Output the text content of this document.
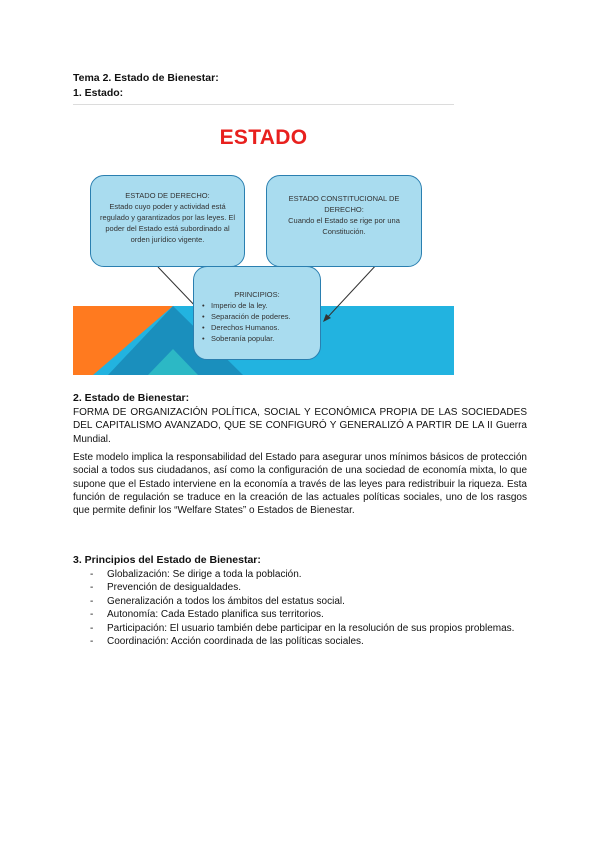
Tema 2. Estado de Bienestar:
1. Estado:
ESTADO
ESTADO DE DERECHO:
Estado cuyo poder y actividad está regulado y garantizados por las leyes. El poder del Estado está subordinado al orden jurídico vigente.
ESTADO CONSTITUCIONAL DE DERECHO:
Cuando el Estado se rige por una Constitución.
PRINCIPIOS:
• Imperio de la ley.
• Separación de poderes.
• Derechos Humanos.
• Soberanía popular.
2. Estado de Bienestar:
FORMA DE ORGANIZACIÓN POLÍTICA, SOCIAL Y ECONÓMICA PROPIA DE LAS SOCIEDADES DEL CAPITALISMO AVANZADO, QUE SE CONFIGURÓ Y GENERALIZÓ A PARTIR DE LA II Guerra Mundial.
Este modelo implica la responsabilidad del Estado para asegurar unos mínimos básicos de protección social a todos sus ciudadanos, así como la configuración de una sociedad de economía mixta, lo que supone que el Estado interviene en la economía a través de las leyes para redistribuir la riqueza. Esta función de regulación se traduce en la creación de las actuales políticas sociales, uno de los rasgos que permite definir los “Welfare States” o Estados de Bienestar.
3. Principios del Estado de Bienestar:
- Globalización: Se dirige a toda la población.
- Prevención de desigualdades.
- Generalización a todos los ámbitos del estatus social.
- Autonomía: Cada Estado planifica sus territorios.
- Participación: El usuario también debe participar en la resolución de sus propios problemas.
- Coordinación: Acción coordinada de las políticas sociales.
